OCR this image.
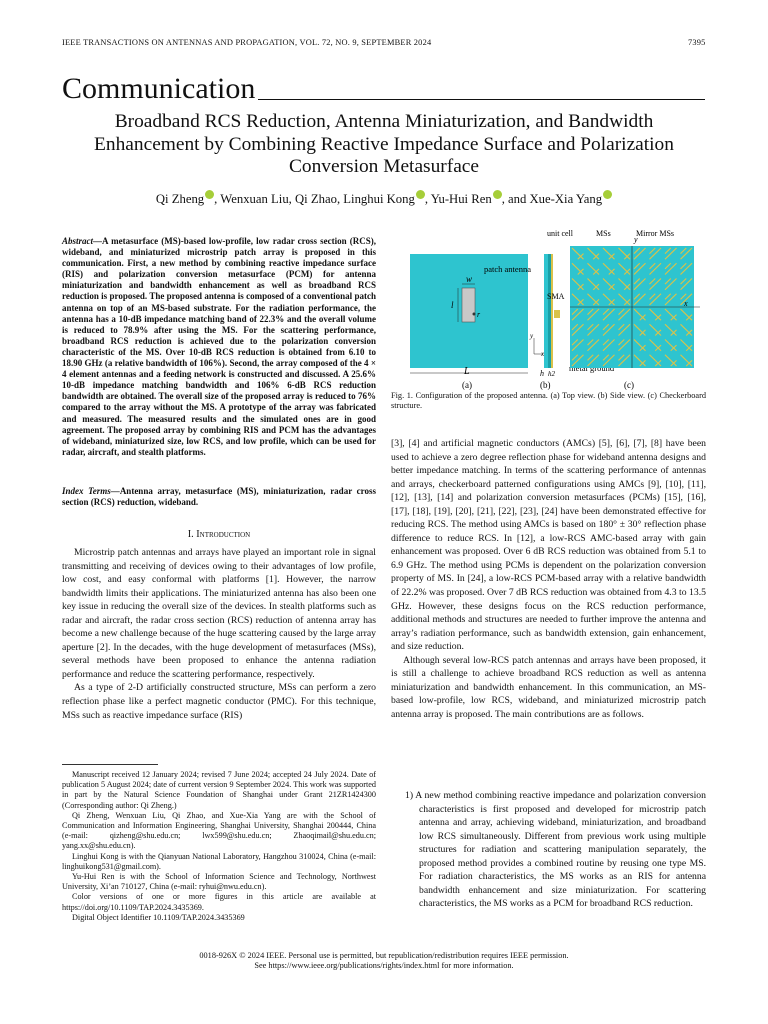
IEEE TRANSACTIONS ON ANTENNAS AND PROPAGATION, VOL. 72, NO. 9, SEPTEMBER 2024	7395
Communication
Broadband RCS Reduction, Antenna Miniaturization, and Bandwidth Enhancement by Combining Reactive Impedance Surface and Polarization Conversion Metasurface
Qi Zheng , Wenxuan Liu, Qi Zhao, Linghui Kong , Yu-Hui Ren , and Xue-Xia Yang
Abstract—A metasurface (MS)-based low-profile, low radar cross section (RCS), wideband, and miniaturized microstrip patch array is proposed in this communication. First, a new method by combining reactive impedance surface (RIS) and polarization conversion metasurface (PCM) for antenna miniaturization and bandwidth enhancement as well as broadband RCS reduction is proposed. The proposed antenna is composed of a conventional patch antenna on top of an MS-based substrate. For the radiation performance, the antenna has a 10-dB impedance matching band of 22.3% and the overall volume is reduced to 78.9% after using the MS. For the scattering performance, broadband RCS reduction is achieved due to the polarization conversion characteristic of the MS. Over 10-dB RCS reduction is obtained from 6.10 to 18.90 GHz (a relative bandwidth of 106%). Second, the array composed of the 4 × 4 element antennas and a feeding network is constructed and discussed. A 25.6% 10-dB impedance matching bandwidth and 106% 6-dB RCS reduction bandwidth are obtained. The overall size of the proposed array is reduced to 76% compared to the array without the MS. A prototype of the array was fabricated and measured. The measured results and the simulated ones are in good agreement. The proposed array by combining RIS and PCM has the advantages of wideband, miniaturized size, low RCS, and low profile, which can be used for radar, aircraft, and stealth platforms.
Index Terms—Antenna array, metasurface (MS), miniaturization, radar cross section (RCS) reduction, wideband.
I. Introduction

Microstrip patch antennas and arrays have played an important role in signal transmitting and receiving of devices owing to their advantages of low profile, low cost, and easy conformal with platforms [1]. However, the narrow bandwidth limits their applications. The miniaturized antenna has also been one key issue in reducing the overall size of the devices. In stealth platforms such as radar and aircraft, the radar cross section (RCS) reduction of antenna array has become a new challenge because of the huge scattering caused by the large array aperture [2]. In the decades, with the huge development of metasurfaces (MSs), several methods have been proposed to enhance the antenna radiation performance and reduce the scattering performance, respectively.

As a type of 2-D artificially constructed structure, MSs can perform a zero reflection phase like a perfect magnetic conductor (PMC). For this technique, MSs such as reactive impedance surface (RIS)

Manuscript received 12 January 2024; revised 7 June 2024; accepted 24 July 2024. Date of publication 5 August 2024; date of current version 9 September 2024. This work was supported in part by the Natural Science Foundation of Shanghai under Grant 21ZR1424300 (Corresponding author: Qi Zheng.)

Qi Zheng, Wenxuan Liu, Qi Zhao, and Xue-Xia Yang are with the School of Communication and Information Engineering, Shanghai University, Shanghai 200444, China (e-mail: qizheng@shu.edu.cn; lwx599@shu.edu.cn; Zhaoqimail@shu.edu.cn; yang.xx@shu.edu.cn).

Linghui Kong is with the Qianyuan National Laboratory, Hangzhou 310024, China (e-mail: linghuikong531@gmail.com).

Yu-Hui Ren is with the School of Information Science and Technology, Northwest University, Xi’an 710127, China (e-mail: ryhui@nwu.edu.cn).

Color versions of one or more figures in this article are available at https://doi.org/10.1109/TAP.2024.3435369.

Digital Object Identifier 10.1109/TAP.2024.3435369

w
l
r
patch antenna
L
y
x
SMA
unit cell
h h2
y
x
MSs	Mirror MSs
(a)	(b)	(c)
Fig. 1. Configuration of the proposed antenna. (a) Top view. (b) Side view. (c) Checkerboard structure.

[3], [4] and artificial magnetic conductors (AMCs) [5], [6], [7], [8] have been used to achieve a zero degree reflection phase for wideband antenna designs and better impedance matching. In terms of the scattering performance of antennas and arrays, checkerboard patterned configurations using AMCs [9], [10], [11], [12], [13], [14] and polarization conversion metasurfaces (PCMs) [15], [16], [17], [18], [19], [20], [21], [22], [23], [24] have been demonstrated effective for reducing RCS. The method using AMCs is based on 180° ± 30° reflection phase difference to reduce RCS. In [12], a low-RCS AMC-based array with gain enhancement was proposed. Over 6 dB RCS reduction was obtained from 5.1 to 6.9 GHz. The method using PCMs is dependent on the polarization conversion property of MS. In [24], a low-RCS PCM-based array with a relative bandwidth of 22.2% was proposed. Over 7 dB RCS reduction was obtained from 4.3 to 13.5 GHz. However, these designs focus on the RCS reduction performance, additional methods and structures are needed to further improve the antenna and array’s radiation performance, such as bandwidth extension, gain enhancement, and size reduction.

Although several low-RCS patch antennas and arrays have been proposed, it is still a challenge to achieve broadband RCS reduction as well as antenna miniaturization and bandwidth enhancement. In this communication, an MS-based low-profile, low RCS, wideband, and miniaturized microstrip patch antenna array is proposed. The main contributions are as follows.

1) A new method combining reactive impedance and polarization conversion characteristics is first proposed and developed for microstrip patch antenna and array, achieving wideband, miniaturization, and broadband low RCS simultaneously. Different from previous work using multiple structures for radiation and scattering manipulation separately, the proposed method provides a combined routine by reusing one type MS. For radiation characteristics, the MS works as an RIS for antenna bandwidth enhancement and size miniaturization. For scattering characteristics, the MS works as a PCM for broadband RCS reduction.

0018-926X © 2024 IEEE. Personal use is permitted, but republication/redistribution requires IEEE permission.
See https://www.ieee.org/publications/rights/index.html for more information.
